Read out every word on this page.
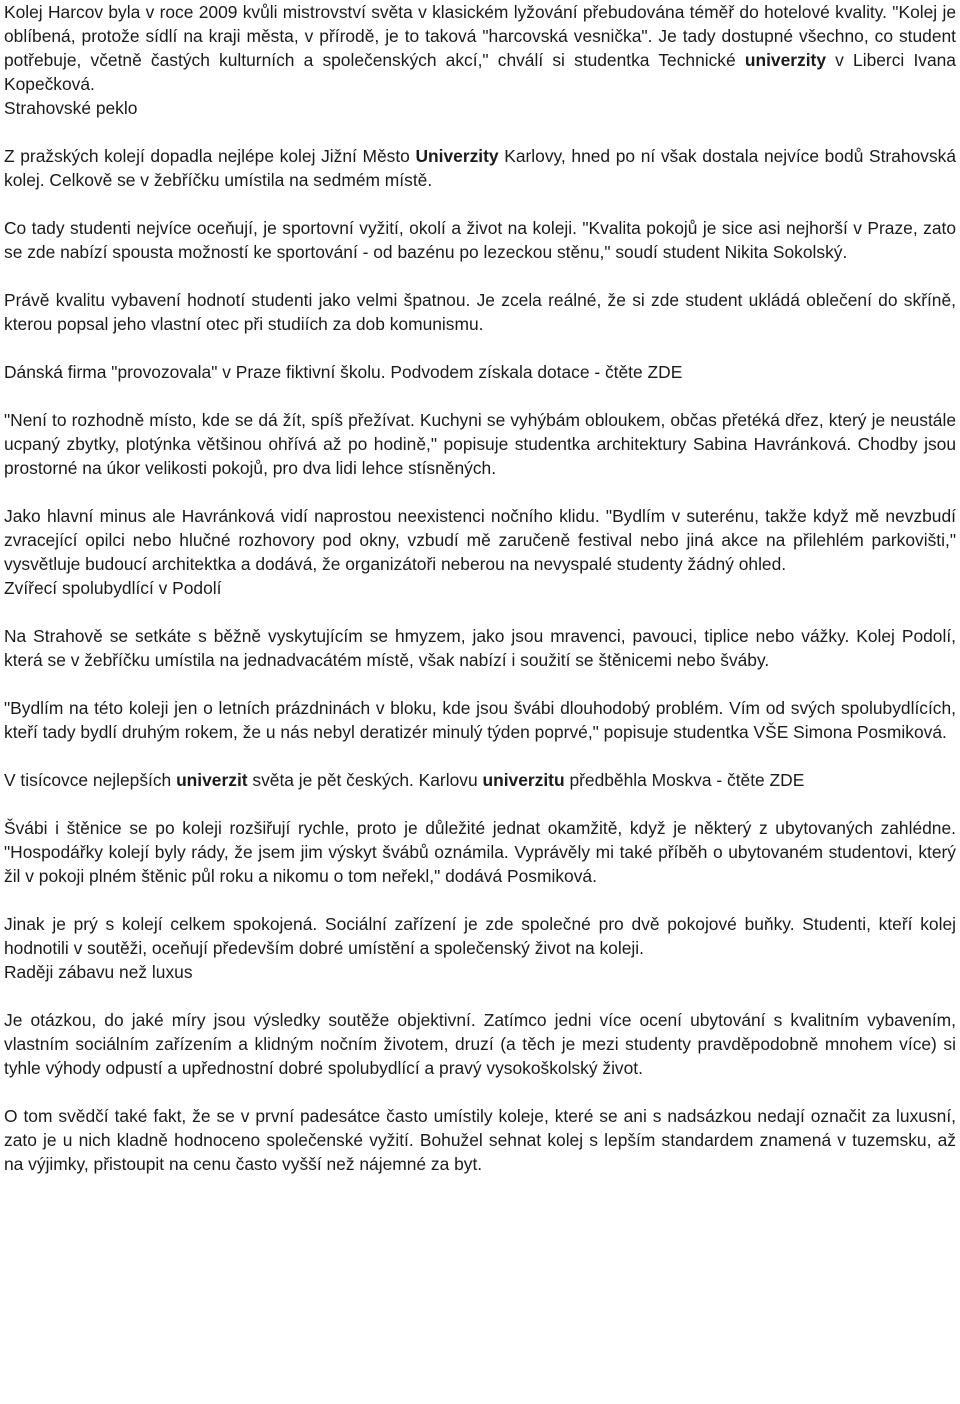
Kolej Harcov byla v roce 2009 kvůli mistrovství světa v klasickém lyžování přebudována téměř do hotelové kvality. "Kolej je oblíbená, protože sídlí na kraji města, v přírodě, je to taková "harcovská vesnička". Je tady dostupné všechno, co student potřebuje, včetně častých kulturních a společenských akcí," chválí si studentka Technické univerzity v Liberci Ivana Kopečková.

Strahovské peklo

Z pražských kolejí dopadla nejlépe kolej Jižní Město Univerzity Karlovy, hned po ní však dostala nejvíce bodů Strahovská kolej. Celkově se v žebříčku umístila na sedmém místě.

Co tady studenti nejvíce oceňují, je sportovní vyžití, okolí a život na koleji. "Kvalita pokojů je sice asi nejhorší v Praze, zato se zde nabízí spousta možností ke sportování - od bazénu po lezeckou stěnu," soudí student Nikita Sokolský.

Právě kvalitu vybavení hodnotí studenti jako velmi špatnou. Je zcela reálné, že si zde student ukládá oblečení do skříně, kterou popsal jeho vlastní otec při studiích za dob komunismu.

Dánská firma "provozovala" v Praze fiktivní školu. Podvodem získala dotace - čtěte ZDE

"Není to rozhodně místo, kde se dá žít, spíš přežívat. Kuchyni se vyhýbám obloukem, občas přetéká dřez, který je neustále ucpaný zbytky, plotýnka většinou ohřívá až po hodině," popisuje studentka architektury Sabina Havránková. Chodby jsou prostorné na úkor velikosti pokojů, pro dva lidi lehce stísněných.

Jako hlavní minus ale Havránková vidí naprostou neexistenci nočního klidu. "Bydlím v suterénu, takže když mě nevzbudí zvracející opilci nebo hlučné rozhovory pod okny, vzbudí mě zaručeně festival nebo jiná akce na přilehlém parkovišti," vysvětluje budoucí architektka a dodává, že organizátoři neberou na nevyspalé studenty žádný ohled.

Zvířecí spolubydlící v Podolí

Na Strahově se setkáte s běžně vyskytujícím se hmyzem, jako jsou mravenci, pavouci, tiplice nebo vážky. Kolej Podolí, která se v žebříčku umístila na jednadvacátém místě, však nabízí i soužití se štěnicemi nebo šváby.

"Bydlím na této koleji jen o letních prázdninách v bloku, kde jsou švábi dlouhodobý problém. Vím od svých spolubydlících, kteří tady bydlí druhým rokem, že u nás nebyl deratizér minulý týden poprvé," popisuje studentka VŠE Simona Posmiková.

V tisícovce nejlepších univerzit světa je pět českých. Karlovu univerzitu předběhla Moskva - čtěte ZDE

Švábi i štěnice se po koleji rozšiřují rychle, proto je důležité jednat okamžitě, když je některý z ubytovaných zahlédne. "Hospodářky kolejí byly rády, že jsem jim výskyt švábů oznámila. Vyprávěly mi také příběh o ubytovaném studentovi, který žil v pokoji plném štěnic půl roku a nikomu o tom neřekl," dodává Posmiková.

Jinak je prý s kolejí celkem spokojená. Sociální zařízení je zde společné pro dvě pokojové buňky. Studenti, kteří kolej hodnotili v soutěži, oceňují především dobré umístění a společenský život na koleji.

Raději zábavu než luxus

Je otázkou, do jaké míry jsou výsledky soutěže objektivní. Zatímco jedni více ocení ubytování s kvalitním vybavením, vlastním sociálním zařízením a klidným nočním životem, druzí (a těch je mezi studenty pravděpodobně mnohem více) si tyhle výhody odpustí a upřednostní dobré spolubydlící a pravý vysokoškolský život.

O tom svědčí také fakt, že se v první padesátce často umístily koleje, které se ani s nadsázkou nedají označit za luxusní, zato je u nich kladně hodnoceno společenské vyžití. Bohužel sehnat kolej s lepším standardem znamená v tuzemsku, až na výjimky, přistoupit na cenu často vyšší než nájemné za byt.
